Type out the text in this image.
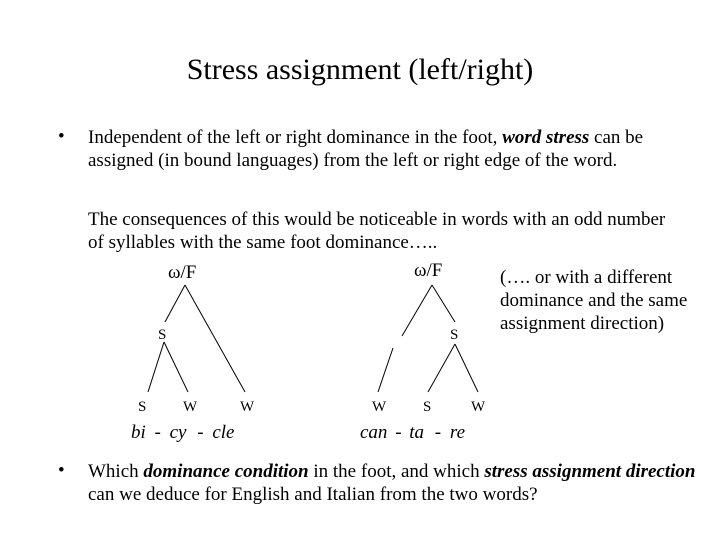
Stress assignment (left/right)
• Independent of the left or right dominance in the foot, word stress can be assigned (in bound languages) from the left or right edge of the word.
The consequences of this would be noticeable in words with an odd number of syllables with the same foot dominance…..
ω/F
S
S W	W
bi - cy - cle
ω/F
S
W S	W
can - ta - re
(…. or with a different dominance and the same assignment direction)
• Which dominance condition in the foot, and which stress assignment direction can we deduce for English and Italian from the two words?
